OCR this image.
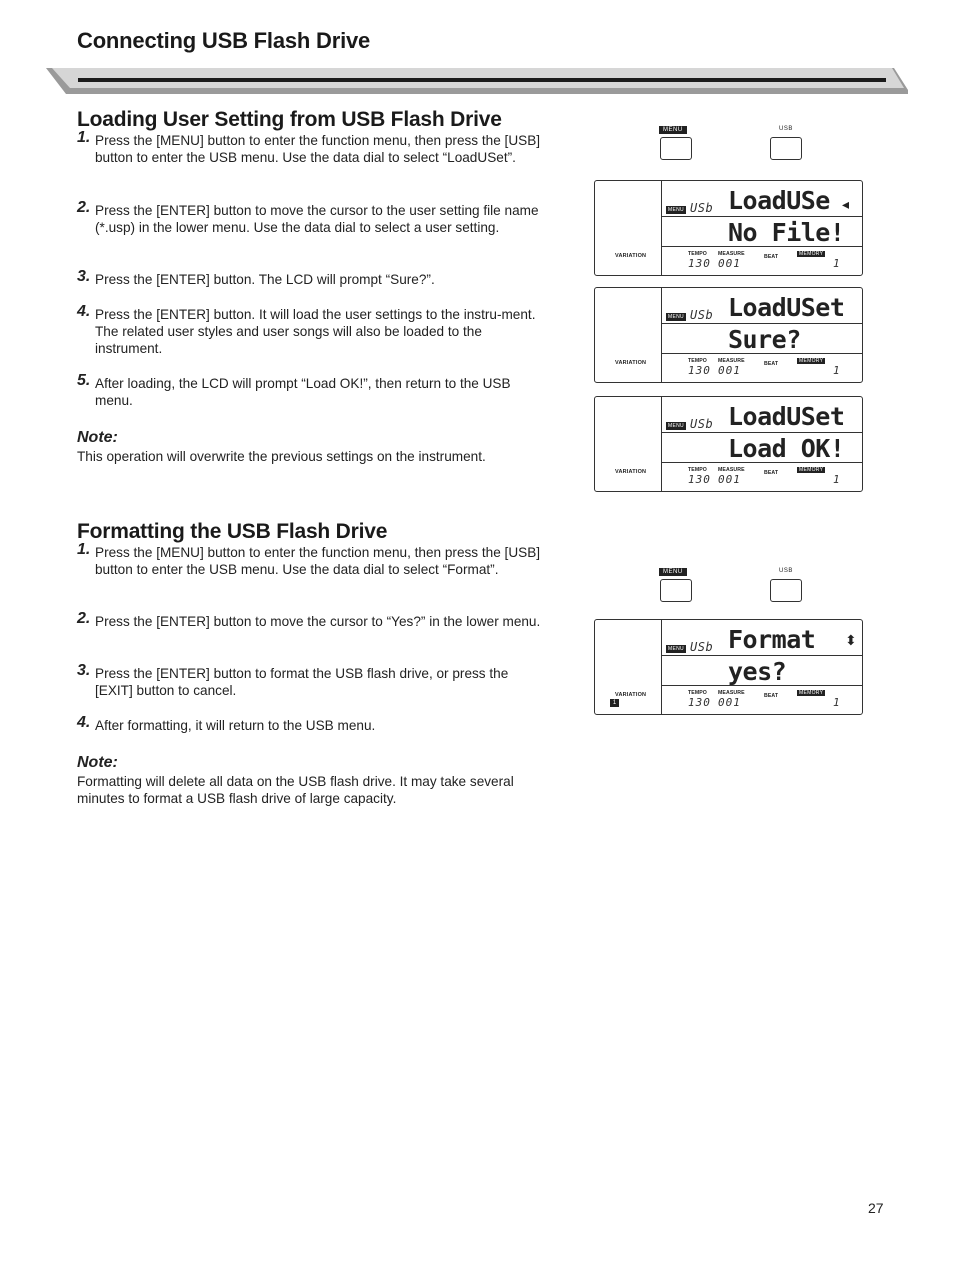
Connecting USB Flash Drive
Loading User Setting from USB Flash Drive
1. Press the [MENU] button to enter the function menu, then press the [USB] button to enter the USB menu. Use the data dial to select “LoadUSet”.
2. Press the [ENTER] button to move the cursor to the user setting file name (*.usp) in the lower menu. Use the data dial to select a user setting.
3. Press the [ENTER] button. The LCD will prompt “Sure?”.
4. Press the [ENTER] button. It will load the user settings to the instru-ment. The related user styles and user songs will also be loaded to the instrument.
5. After loading, the LCD will prompt “Load OK!”, then return to the USB menu.
Note:
This operation will overwrite the previous settings on the instrument.
Formatting the USB Flash Drive
1. Press the [MENU] button to enter the function menu, then press the [USB] button to enter the USB menu. Use the data dial to select “Format”.
2. Press the [ENTER] button to move the cursor to “Yes?” in the lower menu.
3. Press the [ENTER] button to format the USB flash drive, or press the [EXIT] button to cancel.
4. After formatting, it will return to the USB menu.
Note:
Formatting will delete all data on the USB flash drive. It may take several minutes to format a USB flash drive of large capacity.
MENU	USB
MENU	USB
MENU USb LoadUSe ◂
No File!
VARIATION	TEMPO MEASURE	BEAT	MEMORY
130 001	1
MENU USb LoadUSet
Sure?
VARIATION	TEMPO MEASURE	BEAT	MEMORY
130 001	1
MENU USb LoadUSet
Load OK!
VARIATION	TEMPO MEASURE	BEAT	MEMORY
130 001	1
MENU USb Format ⬍
yes?
VARIATION
1
TEMPO MEASURE	BEAT	MEMORY
130 001	1
27
